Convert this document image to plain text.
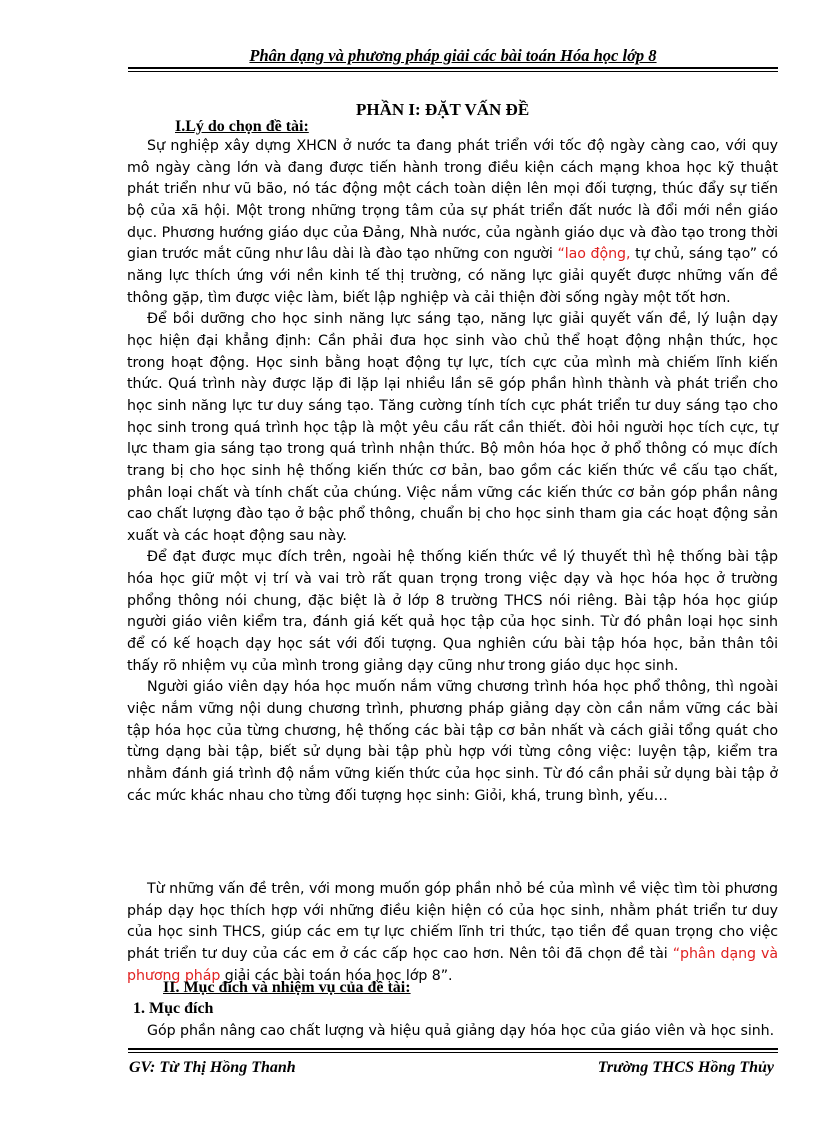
Phân dạng và phương pháp giải các bài toán Hóa học lớp 8
PHẦN I: ĐẶT VẤN ĐỀ
I.Lý do chọn đề tài:

Sự nghiệp xây dựng XHCN ở nước ta đang phát triển với tốc độ ngày càng cao, với quy mô ngày càng lớn và đang được tiến hành trong điều kiện cách mạng khoa học kỹ thuật phát triển như vũ bão, nó tác động một cách toàn diện lên mọi đối tượng, thúc đẩy sự tiến bộ của xã hội. Một trong những trọng tâm của sự phát triển đất nước là đổi mới nền giáo dục. Phương hướng giáo dục của Đảng, Nhà nước, của ngành giáo dục và đào tạo trong thời gian trước mắt cũng như lâu dài là đào tạo những con người “lao động, tự chủ, sáng tạo” có năng lực thích ứng với nền kinh tế thị trường, có năng lực giải quyết được những vấn đề thông gặp, tìm được việc làm, biết lập nghiệp và cải thiện đời sống ngày một tốt hơn.

Để bồi dưỡng cho học sinh năng lực sáng tạo, năng lực giải quyết vấn đề, lý luận dạy học hiện đại khẳng định: Cần phải đưa học sinh vào chủ thể hoạt động nhận thức, học trong hoạt động. Học sinh bằng hoạt động tự lực, tích cực của mình mà chiếm lĩnh kiến thức. Quá trình này được lặp đi lặp lại nhiều lần sẽ góp phần hình thành và phát triển cho học sinh năng lực tư duy sáng tạo. Tăng cường tính tích cực phát triển tư duy sáng tạo cho học sinh trong quá trình học tập là một yêu cầu rất cần thiết. đòi hỏi người học tích cực, tự lực tham gia sáng tạo trong quá trình nhận thức. Bộ môn hóa học ở phổ thông có mục đích trang bị cho học sinh hệ thống kiến thức cơ bản, bao gồm các kiến thức về cấu tạo chất, phân loại chất và tính chất của chúng. Việc nắm vững các kiến thức cơ bản góp phần nâng cao chất lượng đào tạo ở bậc phổ thông, chuẩn bị cho học sinh tham gia các hoạt động sản xuất và các hoạt động sau này.

Để đạt được mục đích trên, ngoài hệ thống kiến thức về lý thuyết thì hệ thống bài tập hóa học giữ một vị trí và vai trò rất quan trọng trong việc dạy và học hóa học ở trường phổng thông nói chung, đặc biệt là ở lớp 8 trường THCS nói riêng. Bài tập hóa học giúp người giáo viên kiểm tra, đánh giá kết quả học tập của học sinh. Từ đó phân loại học sinh để có kế hoạch dạy học sát với đối tượng. Qua nghiên cứu bài tập hóa học, bản thân tôi thấy rõ nhiệm vụ của mình trong giảng dạy cũng như trong giáo dục học sinh.

Người giáo viên dạy hóa học muốn nắm vững chương trình hóa học phổ thông, thì ngoài việc nắm vững nội dung chương trình, phương pháp giảng dạy còn cần nắm vững các bài tập hóa học của từng chương, hệ thống các bài tập cơ bản nhất và cách giải tổng quát cho từng dạng bài tập, biết sử dụng bài tập phù hợp với từng công việc: luyện tập, kiểm tra nhằm đánh giá trình độ nắm vững kiến thức của học sinh. Từ đó cần phải sử dụng bài tập ở các mức khác nhau cho từng đối tượng học sinh: Giỏi, khá, trung bình, yếu…

Từ những vấn đề trên, với mong muốn góp phần nhỏ bé của mình về việc tìm tòi phương pháp dạy học thích hợp với những điều kiện hiện có của học sinh, nhằm phát triển tư duy của học sinh THCS, giúp các em tự lực chiếm lĩnh tri thức, tạo tiền đề quan trọng cho việc phát triển tư duy của các em ở các cấp học cao hơn. Nên tôi đã chọn đề tài “phân dạng và phương pháp giải các bài toán hóa học lớp 8”.

II. Mục đích và nhiệm vụ của đề tài:
1. Mục đích

Góp phần nâng cao chất lượng và hiệu quả giảng dạy hóa học của giáo viên và học sinh.

GV: Từ Thị Hồng Thanh	Trường THCS Hồng Thủy
